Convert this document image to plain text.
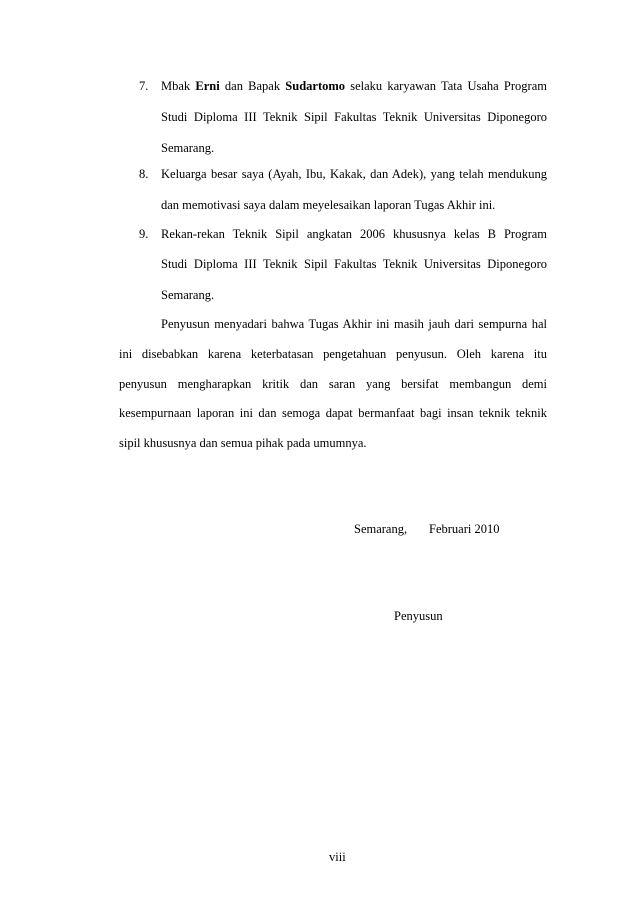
7. Mbak Erni dan Bapak Sudartomo selaku karyawan Tata Usaha Program
Studi Diploma III Teknik Sipil Fakultas Teknik Universitas Diponegoro
Semarang.
8. Keluarga besar saya (Ayah, Ibu, Kakak, dan Adek), yang telah mendukung
dan memotivasi saya dalam meyelesaikan laporan Tugas Akhir ini.
9. Rekan-rekan Teknik Sipil angkatan 2006 khususnya kelas B Program
Studi Diploma III Teknik Sipil Fakultas Teknik Universitas Diponegoro
Semarang.
Penyusun menyadari bahwa Tugas Akhir ini masih jauh dari sempurna hal
ini disebabkan karena keterbatasan pengetahuan penyusun. Oleh karena itu
penyusun mengharapkan kritik dan saran yang bersifat membangun demi
kesempurnaan laporan ini dan semoga dapat bermanfaat bagi insan teknik teknik
sipil khususnya dan semua pihak pada umumnya.
Semarang, Februari 2010
Penyusun
viii
